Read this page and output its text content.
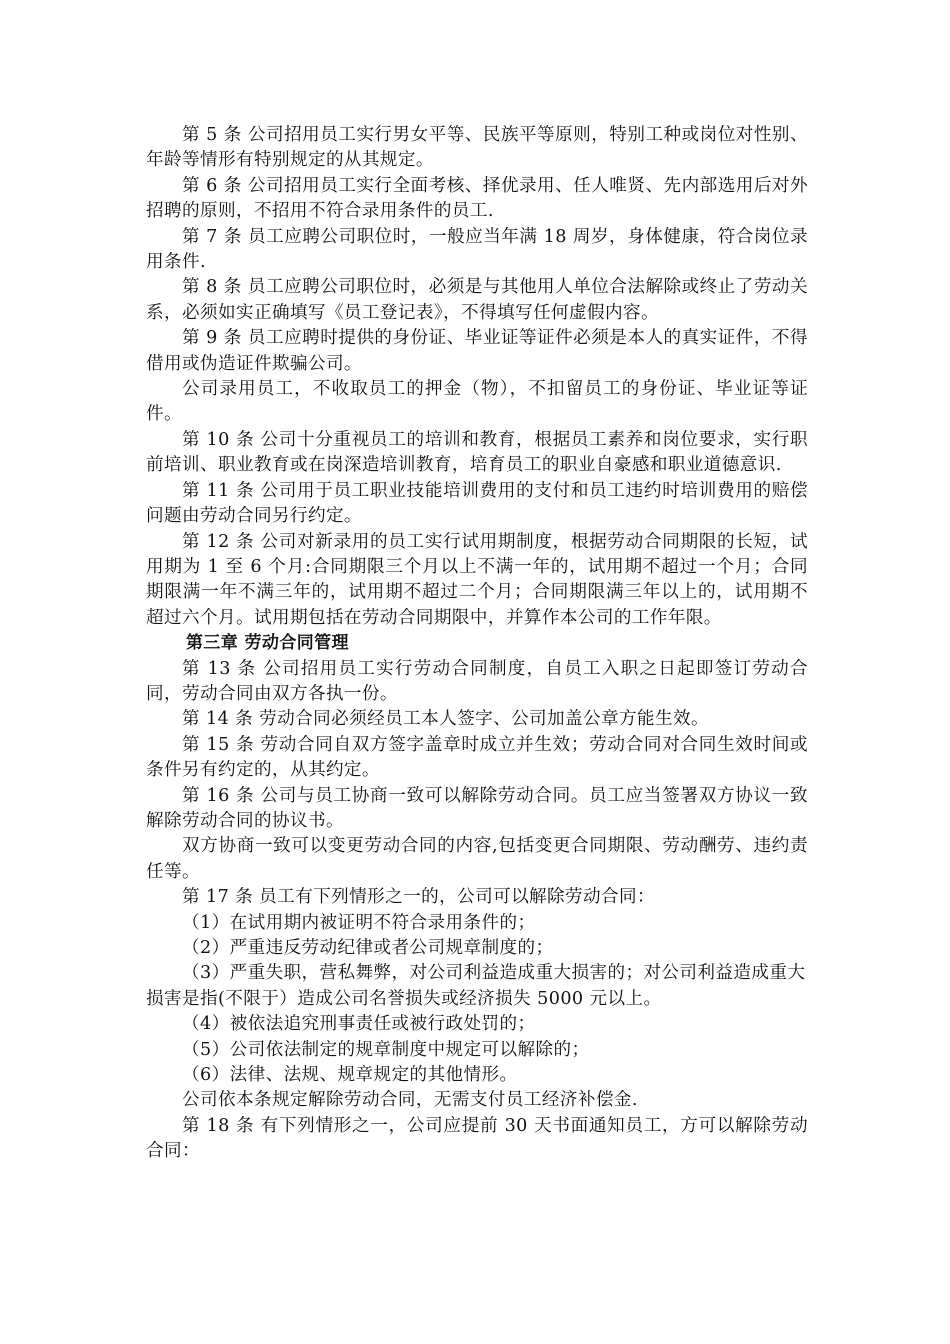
第 5 条 公司招用员工实行男女平等、民族平等原则，特别工种或岗位对性别、年龄等情形有特别规定的从其规定。

第 6 条 公司招用员工实行全面考核、择优录用、任人唯贤、先内部选用后对外招聘的原则，不招用不符合录用条件的员工.

第 7 条 员工应聘公司职位时，一般应当年满 18 周岁，身体健康，符合岗位录用条件.

第 8 条 员工应聘公司职位时，必须是与其他用人单位合法解除或终止了劳动关系，必须如实正确填写《员工登记表》，不得填写任何虚假内容。

第 9 条 员工应聘时提供的身份证、毕业证等证件必须是本人的真实证件，不得借用或伪造证件欺骗公司。

公司录用员工，不收取员工的押金（物），不扣留员工的身份证、毕业证等证件。

第 10 条 公司十分重视员工的培训和教育，根据员工素养和岗位要求，实行职前培训、职业教育或在岗深造培训教育，培育员工的职业自豪感和职业道德意识.

第 11 条 公司用于员工职业技能培训费用的支付和员工违约时培训费用的赔偿问题由劳动合同另行约定。

第 12 条 公司对新录用的员工实行试用期制度，根据劳动合同期限的长短，试用期为 1 至 6 个月:合同期限三个月以上不满一年的，试用期不超过一个月；合同期限满一年不满三年的，试用期不超过二个月；合同期限满三年以上的，试用期不超过六个月。试用期包括在劳动合同期限中，并算作本公司的工作年限。

第三章 劳动合同管理

第 13 条 公司招用员工实行劳动合同制度，自员工入职之日起即签订劳动合同，劳动合同由双方各执一份。

第 14 条 劳动合同必须经员工本人签字、公司加盖公章方能生效。

第 15 条 劳动合同自双方签字盖章时成立并生效；劳动合同对合同生效时间或条件另有约定的，从其约定。

第 16 条 公司与员工协商一致可以解除劳动合同。员工应当签署双方协议一致解除劳动合同的协议书。

双方协商一致可以变更劳动合同的内容,包括变更合同期限、劳动酬劳、违约责任等。

第 17 条 员工有下列情形之一的，公司可以解除劳动合同：

（1）在试用期内被证明不符合录用条件的；

（2）严重违反劳动纪律或者公司规章制度的；

（3）严重失职，营私舞弊，对公司利益造成重大损害的；对公司利益造成重大损害是指(不限于）造成公司名誉损失或经济损失 5000 元以上。

（4）被依法追究刑事责任或被行政处罚的；

（5）公司依法制定的规章制度中规定可以解除的；

（6）法律、法规、规章规定的其他情形。

公司依本条规定解除劳动合同，无需支付员工经济补偿金.

第 18 条 有下列情形之一，公司应提前 30 天书面通知员工，方可以解除劳动合同：
